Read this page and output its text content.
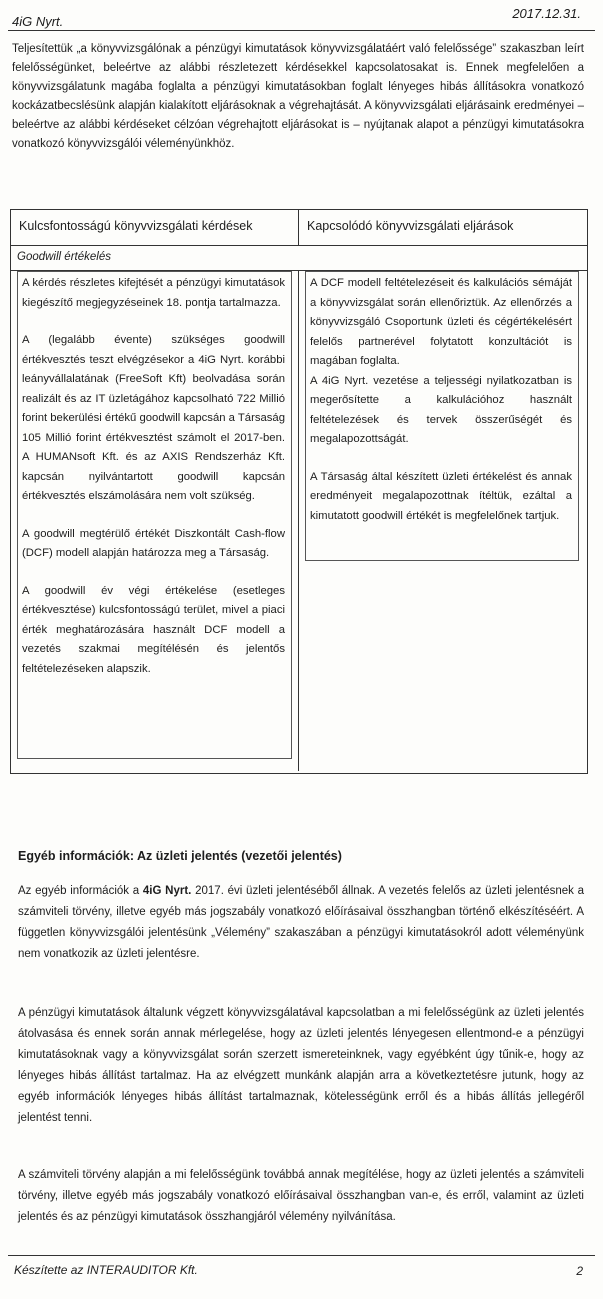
4iG Nyrt.
2017.12.31.

Teljesítettük „a könyvvizsgálónak a pénzügyi kimutatások könyvvizsgálatáért való felelőssége” szakaszban leírt felelősségünket, beleértve az alábbi részletezett kérdésekkel kapcsolatosakat is. Ennek megfelelően a könyvvizsgálatunk magába foglalta a pénzügyi kimutatásokban foglalt lényeges hibás állításokra vonatkozó kockázatbecslésünk alapján kialakított eljárásoknak a végrehajtását. A könyvvizsgálati eljárásaink eredményei – beleértve az alábbi kérdéseket célzóan végrehajtott eljárásokat is – nyújtanak alapot a pénzügyi kimutatásokra vonatkozó könyvvizsgálói véleményünkhöz.

Kulcsfontosságú könyvvizsgálati kérdések	Kapcsolódó könyvvizsgálati eljárások
Goodwill értékelés

A kérdés részletes kifejtését a pénzügyi kimutatások kiegészítő megjegyzéseinek 18. pontja tartalmazza.

A (legalább évente) szükséges goodwill értékvesztés teszt elvégzésekor a 4iG Nyrt. korábbi leányvállalatának (FreeSoft Kft) beolvadása során realizált és az IT üzletágához kapcsolható 722 Millió forint bekerülési értékű goodwill kapcsán a Társaság 105 Millió forint értékvesztést számolt el 2017-ben. A HUMANsoft Kft. és az AXIS Rendszerház Kft. kapcsán nyilvántartott goodwill kapcsán értékvesztés elszámolására nem volt szükség.

A goodwill megtérülő értékét Diszkontált Cash-flow (DCF) modell alapján határozza meg a Társaság.

A goodwill év végi értékelése (esetleges értékvesztése) kulcsfontosságú terület, mivel a piaci érték meghatározására használt DCF modell a vezetés szakmai megítélésén és jelentős feltételezéseken alapszik.

A DCF modell feltételezéseit és kalkulációs sémáját a könyvvizsgálat során ellenőriztük. Az ellenőrzés a könyvvizsgáló Csoportunk üzleti és cégértékelésért felelős partnerével folytatott konzultációt is magában foglalta.
A 4iG Nyrt. vezetése a teljességi nyilatkozatban is megerősítette a kalkulációhoz használt feltételezések és tervek összerűségét és megalapozottságát.

A Társaság által készített üzleti értékelést és annak eredményeit megalapozottnak ítéltük, ezáltal a kimutatott goodwill értékét is megfelelőnek tartjuk.

Egyéb információk: Az üzleti jelentés (vezetői jelentés)

Az egyéb információk a 4iG Nyrt. 2017. évi üzleti jelentéséből állnak. A vezetés felelős az üzleti jelentésnek a számviteli törvény, illetve egyéb más jogszabály vonatkozó előírásaival összhangban történő elkészítéséért. A független könyvvizsgálói jelentésünk „Vélemény” szakaszában a pénzügyi kimutatásokról adott véleményünk nem vonatkozik az üzleti jelentésre.

A pénzügyi kimutatások általunk végzett könyvvizsgálatával kapcsolatban a mi felelősségünk az üzleti jelentés átolvasása és ennek során annak mérlegelése, hogy az üzleti jelentés lényegesen ellentmond-e a pénzügyi kimutatásoknak vagy a könyvvizsgálat során szerzett ismereteinknek, vagy egyébként úgy tűnik-e, hogy az lényeges hibás állítást tartalmaz. Ha az elvégzett munkánk alapján arra a következtetésre jutunk, hogy az egyéb információk lényeges hibás állítást tartalmaznak, kötelességünk erről és a hibás állítás jellegéről jelentést tenni.

A számviteli törvény alapján a mi felelősségünk továbbá annak megítélése, hogy az üzleti jelentés a számviteli törvény, illetve egyéb más jogszabály vonatkozó előírásaival összhangban van-e, és erről, valamint az üzleti jelentés és az pénzügyi kimutatások összhangjáról vélemény nyilvánítása.

Készítette az INTERAUDITOR Kft.	2
